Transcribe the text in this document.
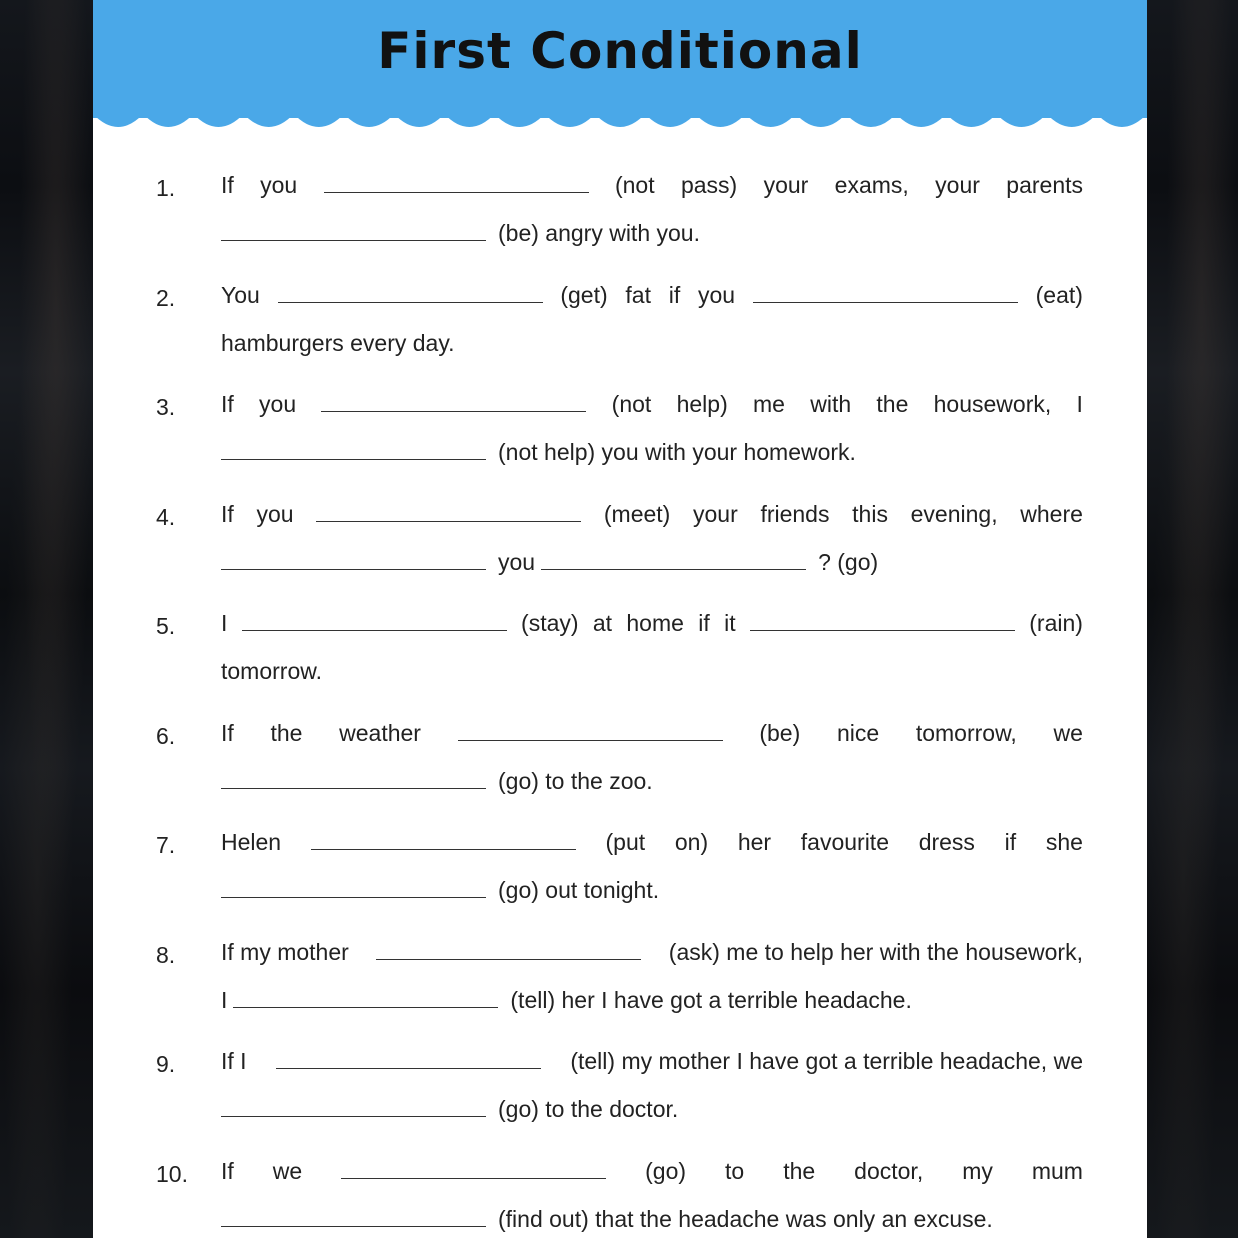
First Conditional
1. If you	(not pass) your exams, your parents
(be) angry with you.
2. You	(get) fat if you	(eat)
hamburgers every day.
3. If you	(not help) me with the housework, I
(not help) you with your homework.
4. If you	(meet) your friends this evening, where
you	? (go)
5. I	(stay) at home if it	(rain)
tomorrow.
6. If the weather	(be) nice tomorrow, we
(go) to the zoo.
7. Helen	(put on) her favourite dress if she
(go) out tonight.
8. If my mother	(ask) me to help her with the housework,
I	(tell) her I have got a terrible headache.
9. If I	(tell) my mother I have got a terrible headache, we
(go) to the doctor.
10. If we	(go) to the doctor, my mum
(find out) that the headache was only an excuse.
